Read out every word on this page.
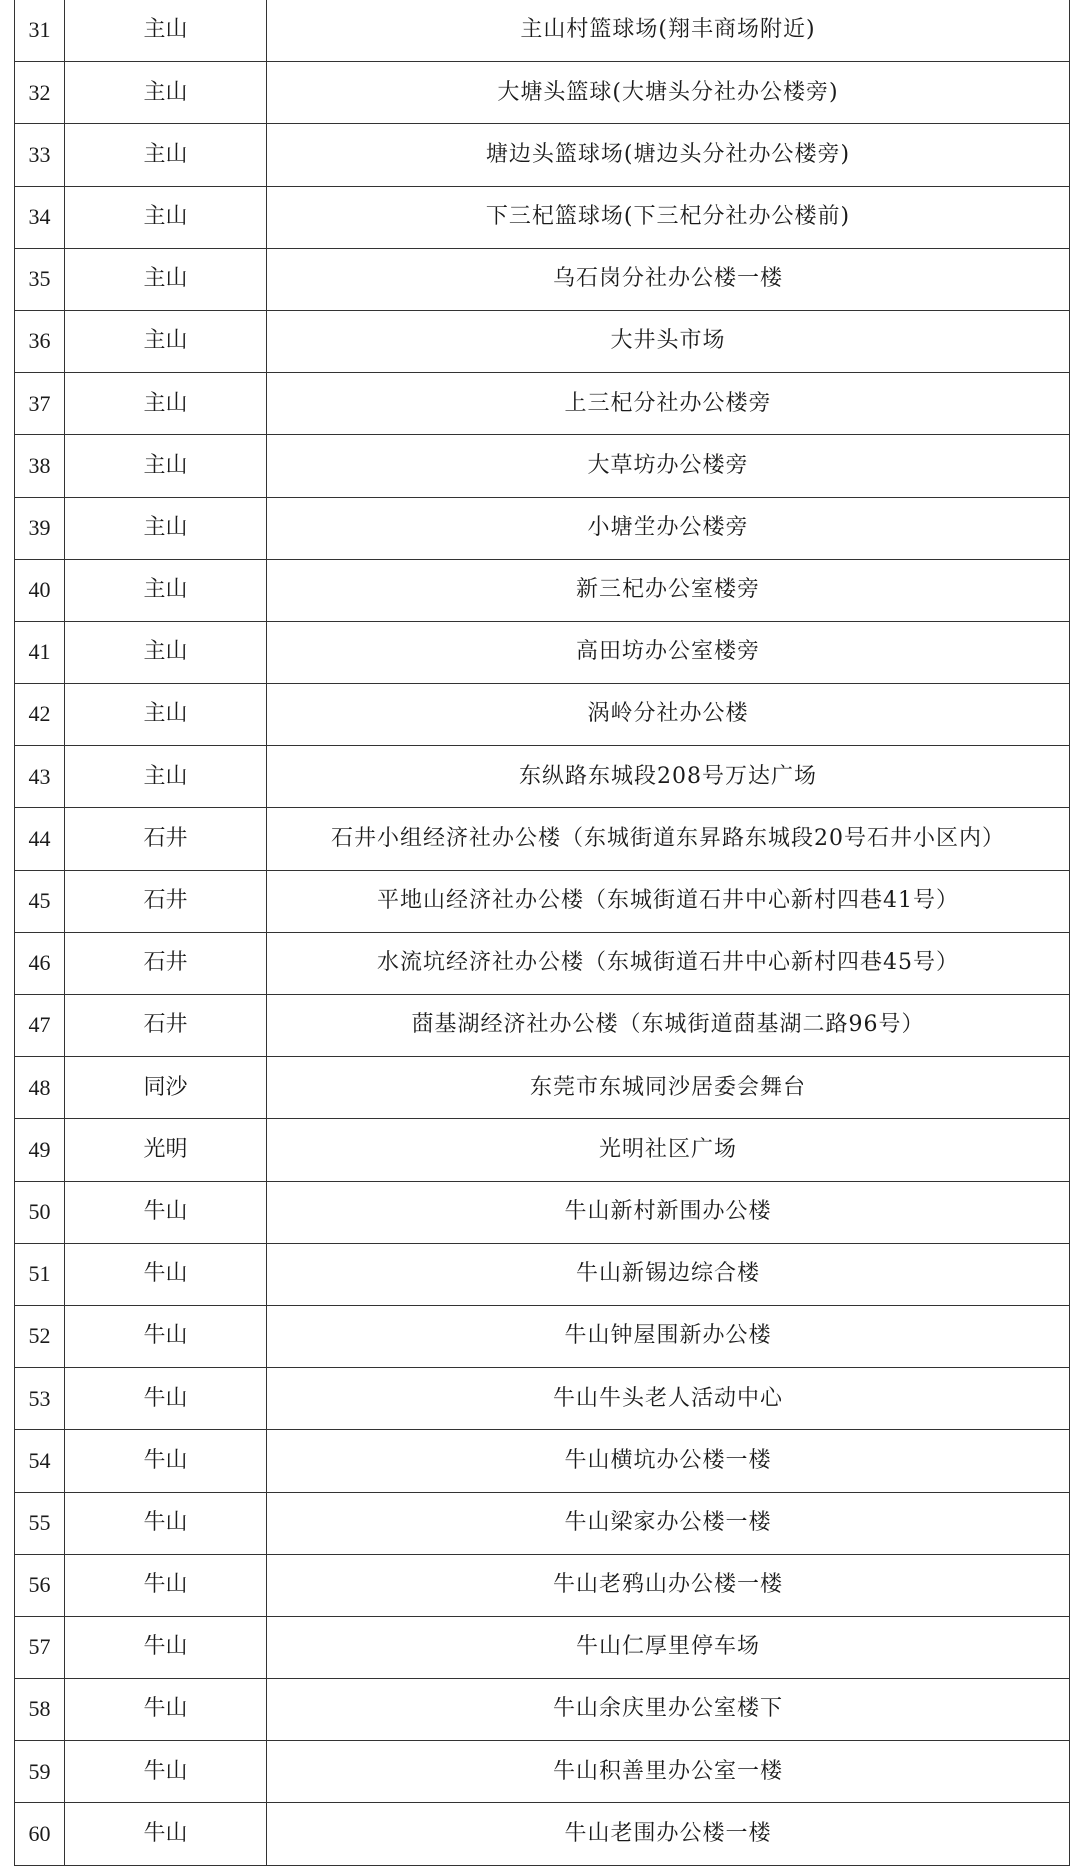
31	主山	主山村篮球场(翔丰商场附近)
32	主山	大塘头篮球(大塘头分社办公楼旁)
33	主山	塘边头篮球场(塘边头分社办公楼旁)
34	主山	下三杞篮球场(下三杞分社办公楼前)
35	主山	乌石岗分社办公楼一楼
36	主山	大井头市场
37	主山	上三杞分社办公楼旁
38	主山	大草坊办公楼旁
39	主山	小塘坣办公楼旁
40	主山	新三杞办公室楼旁
41	主山	高田坊办公室楼旁
42	主山	涡岭分社办公楼
43	主山	东纵路东城段208号万达广场
44	石井	石井小组经济社办公楼（东城街道东昇路东城段20号石井小区内）
45	石井	平地山经济社办公楼（东城街道石井中心新村四巷41号）
46	石井	水流坑经济社办公楼（东城街道石井中心新村四巷45号）
47	石井	莔基湖经济社办公楼（东城街道莔基湖二路96号）
48	同沙	东莞市东城同沙居委会舞台
49	光明	光明社区广场
50	牛山	牛山新村新围办公楼
51	牛山	牛山新锡边综合楼
52	牛山	牛山钟屋围新办公楼
53	牛山	牛山牛头老人活动中心
54	牛山	牛山横坑办公楼一楼
55	牛山	牛山梁家办公楼一楼
56	牛山	牛山老鸦山办公楼一楼
57	牛山	牛山仁厚里停车场
58	牛山	牛山余庆里办公室楼下
59	牛山	牛山积善里办公室一楼
60	牛山	牛山老围办公楼一楼
